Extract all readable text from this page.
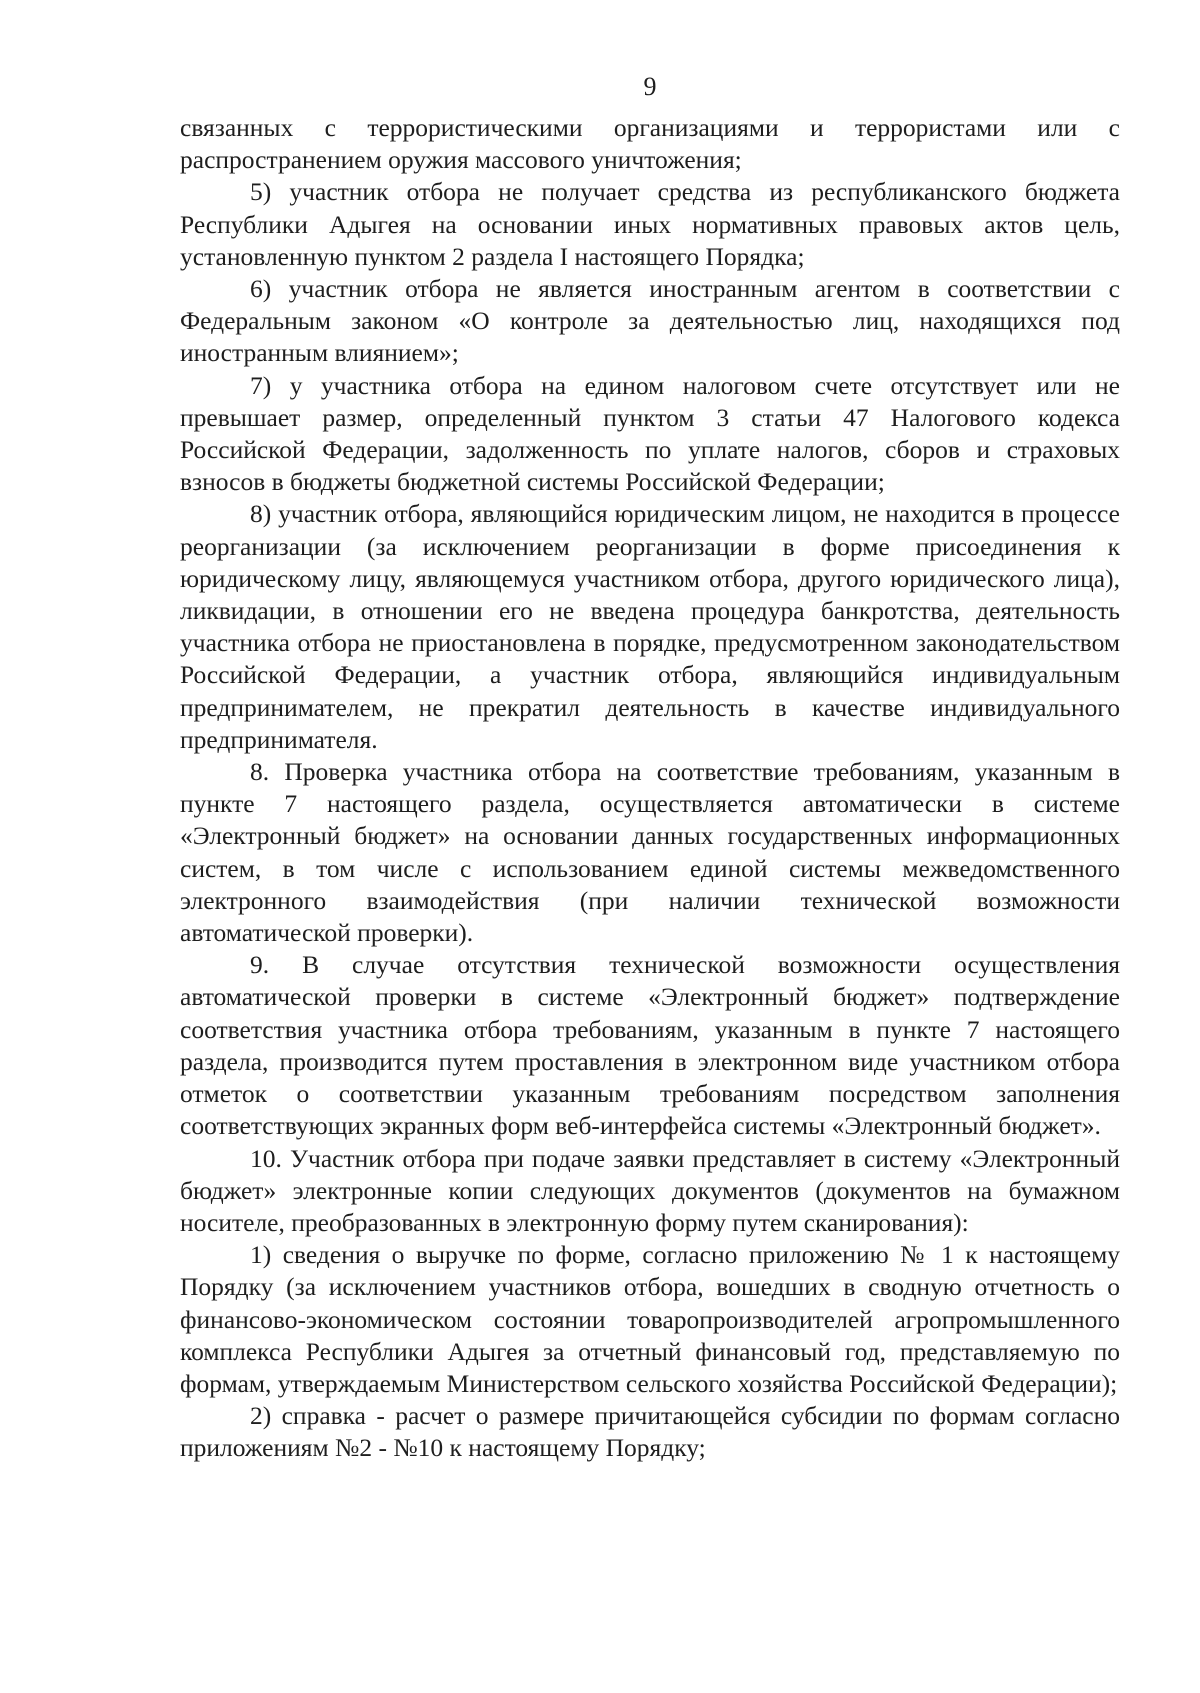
9

связанных с террористическими организациями и террористами или с распространением оружия массового уничтожения;

5) участник отбора не получает средства из республиканского бюджета Республики Адыгея на основании иных нормативных правовых актов цель, установленную пунктом 2 раздела I настоящего Порядка;

6) участник отбора не является иностранным агентом в соответствии с Федеральным законом «О контроле за деятельностью лиц, находящихся под иностранным влиянием»;

7) у участника отбора на едином налоговом счете отсутствует или не превышает размер, определенный пунктом 3 статьи 47 Налогового кодекса Российской Федерации, задолженность по уплате налогов, сборов и страховых взносов в бюджеты бюджетной системы Российской Федерации;

8) участник отбора, являющийся юридическим лицом, не находится в процессе реорганизации (за исключением реорганизации в форме присоединения к юридическому лицу, являющемуся участником отбора, другого юридического лица), ликвидации, в отношении его не введена процедура банкротства, деятельность участника отбора не приостановлена в порядке, предусмотренном законодательством Российской Федерации, а участник отбора, являющийся индивидуальным предпринимателем, не прекратил деятельность в качестве индивидуального предпринимателя.

8. Проверка участника отбора на соответствие требованиям, указанным в пункте 7 настоящего раздела, осуществляется автоматически в системе «Электронный бюджет» на основании данных государственных информационных систем, в том числе с использованием единой системы межведомственного электронного взаимодействия (при наличии технической возможности автоматической проверки).

9. В случае отсутствия технической возможности осуществления автоматической проверки в системе «Электронный бюджет» подтверждение соответствия участника отбора требованиям, указанным в пункте 7 настоящего раздела, производится путем проставления в электронном виде участником отбора отметок о соответствии указанным требованиям посредством заполнения соответствующих экранных форм веб-интерфейса системы «Электронный бюджет».

10. Участник отбора при подаче заявки представляет в систему «Электронный бюджет» электронные копии следующих документов (документов на бумажном носителе, преобразованных в электронную форму путем сканирования):

1) сведения о выручке по форме, согласно приложению № 1 к настоящему Порядку (за исключением участников отбора, вошедших в сводную отчетность о финансово-экономическом состоянии товаропроизводителей агропромышленного комплекса Республики Адыгея за отчетный финансовый год, представляемую по формам, утверждаемым Министерством сельского хозяйства Российской Федерации);

2) справка - расчет о размере причитающейся субсидии по формам согласно приложениям №2 - №10 к настоящему Порядку;
